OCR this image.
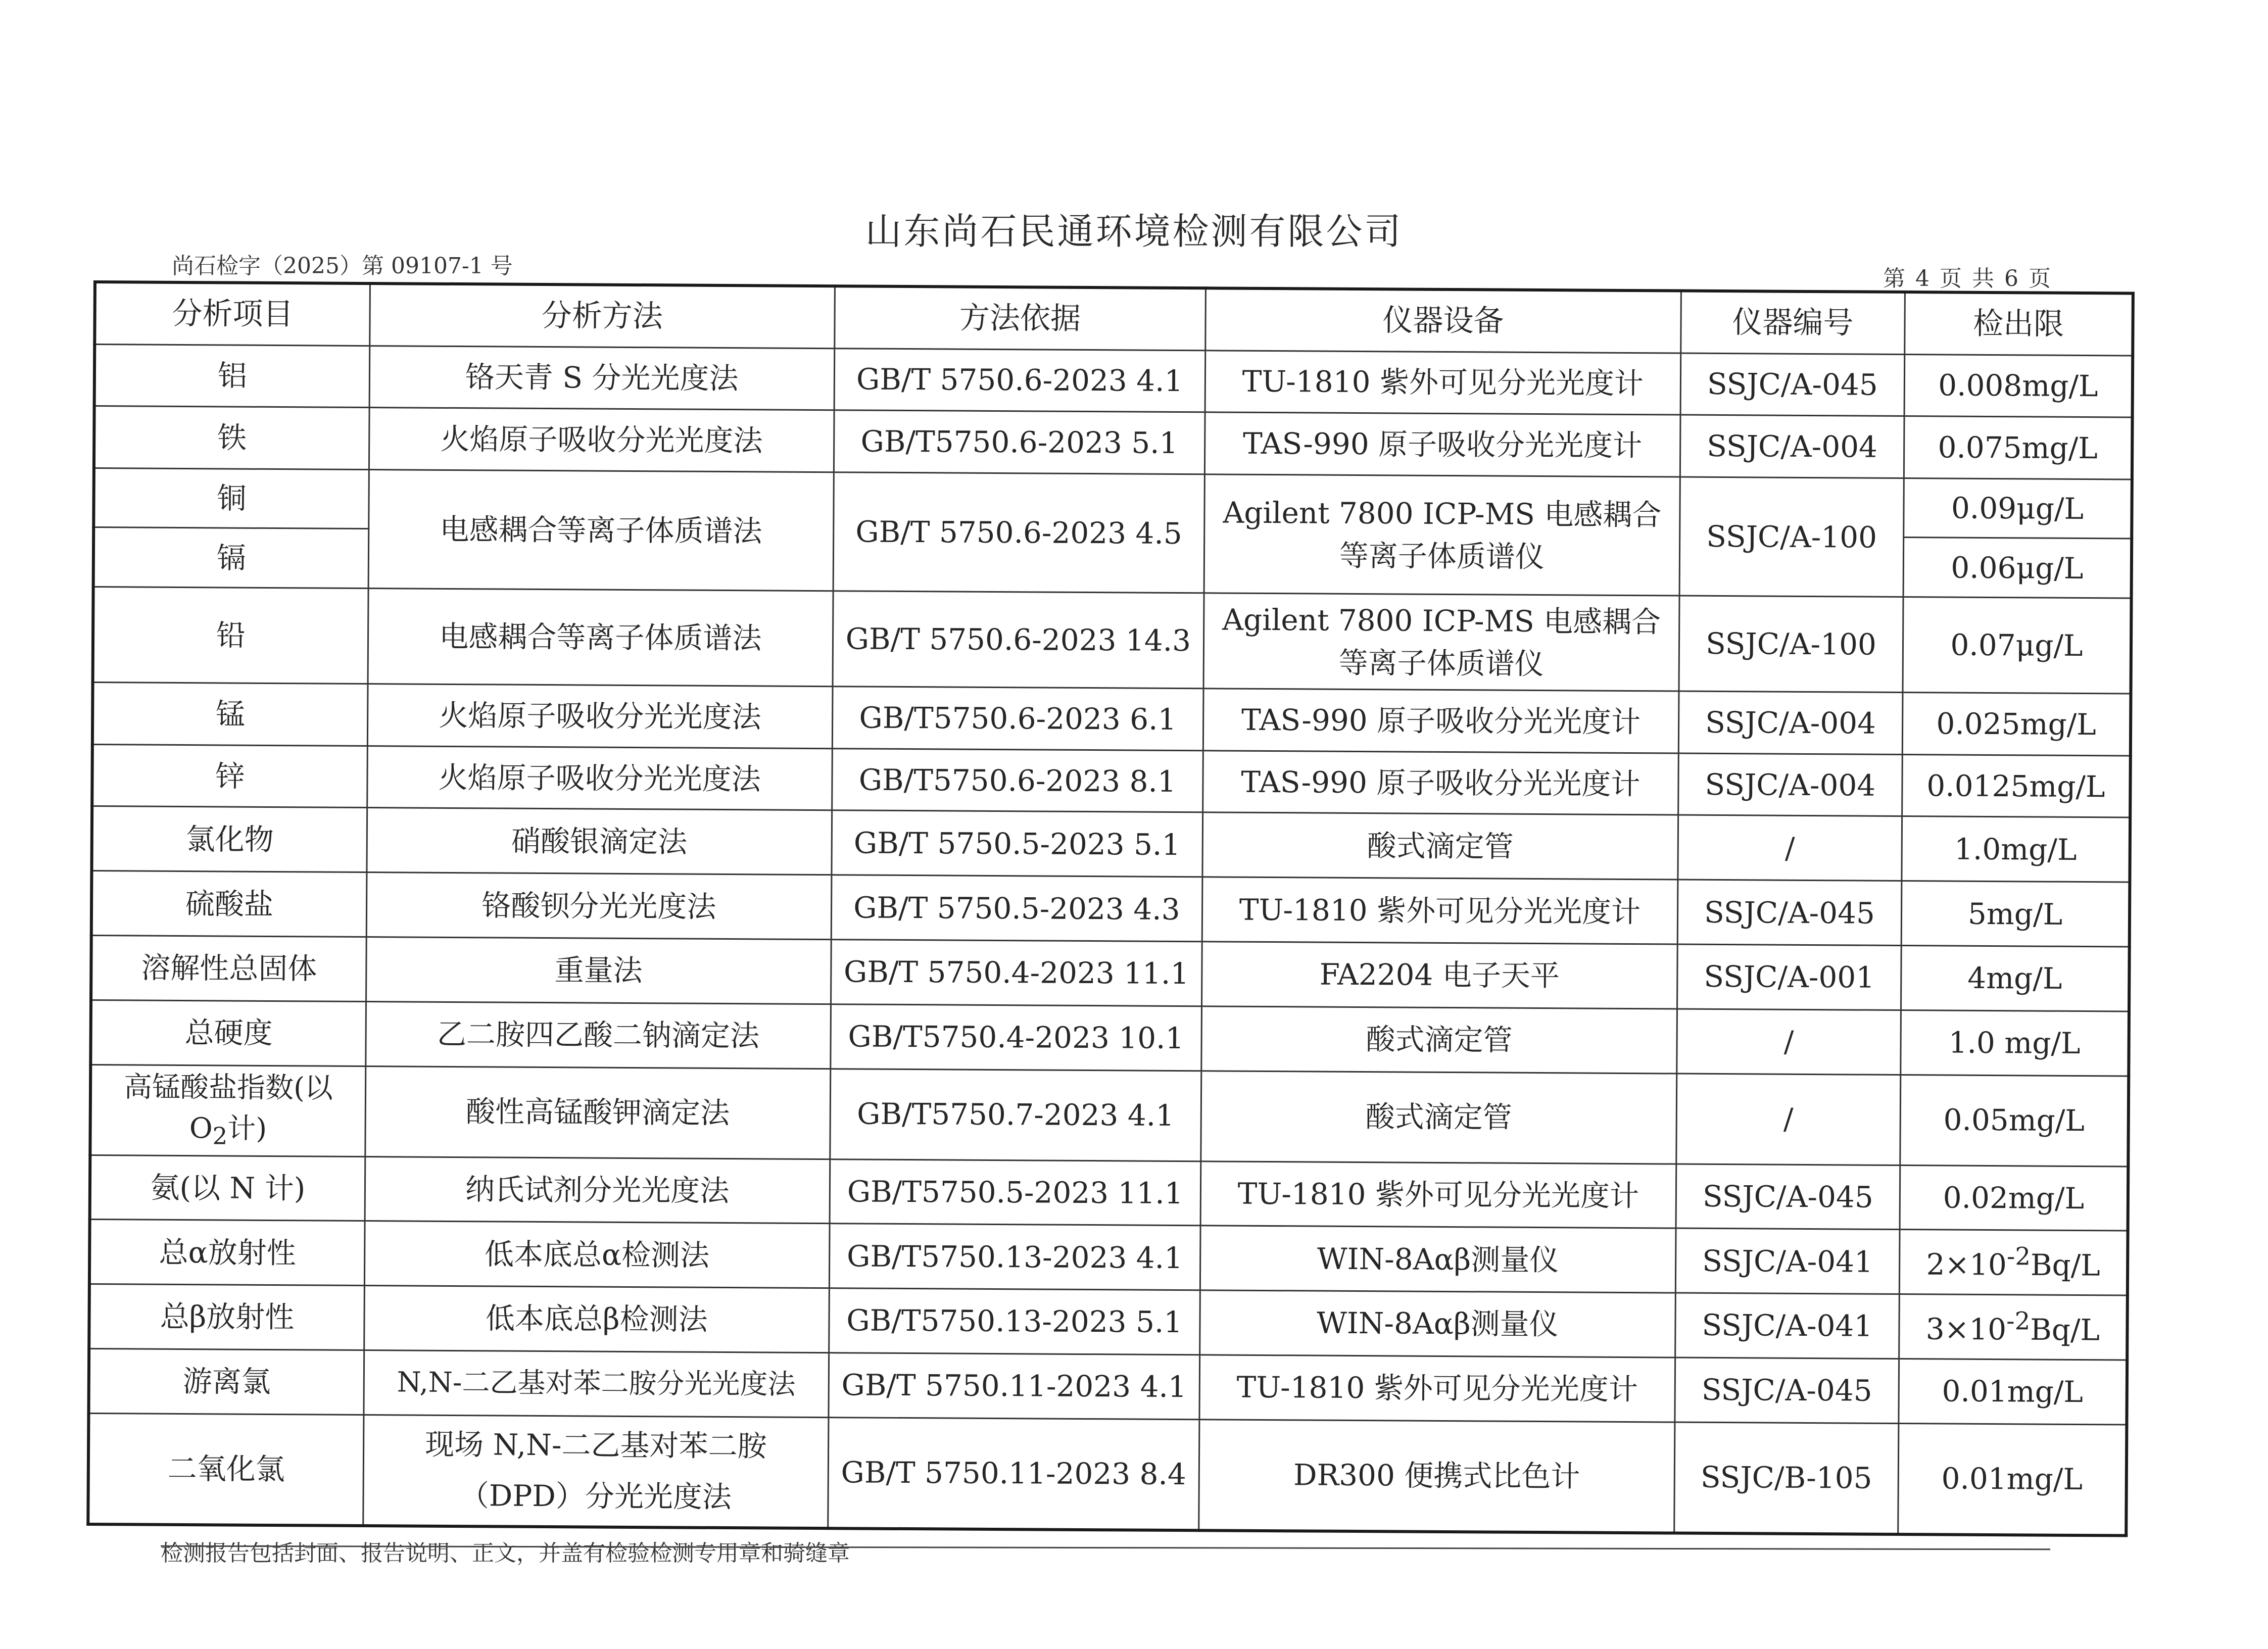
山东尚石民通环境检测有限公司
尚石检字（2025）第 09107-1 号	第 4 页 共 6 页
分析项目	分析方法	方法依据	仪器设备	仪器编号	检出限
铝	铬天青 S 分光光度法	GB/T 5750.6-2023 4.1	TU-1810 紫外可见分光光度计	SSJC/A-045	0.008mg/L
铁	火焰原子吸收分光光度法	GB/T5750.6-2023 5.1	TAS-990 原子吸收分光光度计	SSJC/A-004	0.075mg/L
铜	电感耦合等离子体质谱法	GB/T 5750.6-2023 4.5	Agilent 7800 ICP-MS 电感耦合
等离子体质谱仪	SSJC/A-100	0.09μg/L
镉					0.06μg/L
铅	电感耦合等离子体质谱法	GB/T 5750.6-2023 14.3	Agilent 7800 ICP-MS 电感耦合
等离子体质谱仪	SSJC/A-100	0.07μg/L
锰	火焰原子吸收分光光度法	GB/T5750.6-2023 6.1	TAS-990 原子吸收分光光度计	SSJC/A-004	0.025mg/L
锌	火焰原子吸收分光光度法	GB/T5750.6-2023 8.1	TAS-990 原子吸收分光光度计	SSJC/A-004	0.0125mg/L
氯化物	硝酸银滴定法	GB/T 5750.5-2023 5.1	酸式滴定管	/	1.0mg/L
硫酸盐	铬酸钡分光光度法	GB/T 5750.5-2023 4.3	TU-1810 紫外可见分光光度计	SSJC/A-045	5mg/L
溶解性总固体	重量法	GB/T 5750.4-2023 11.1	FA2204 电子天平	SSJC/A-001	4mg/L
总硬度	乙二胺四乙酸二钠滴定法	GB/T5750.4-2023 10.1	酸式滴定管	/	1.0 mg/L

高锰酸盐指数(以
$O_2$计)	酸性高锰酸钾滴定法	GB/T5750.7-2023 4.1	酸式滴定管	/	0.05mg/L
氨(以 N 计)	纳氏试剂分光光度法	GB/T5750.5-2023 11.1	TU-1810 紫外可见分光光度计	SSJC/A-045	0.02mg/L
总α放射性	低本底总α检测法	GB/T5750.13-2023 4.1	WIN-8Aαβ测量仪	SSJC/A-041	$2\times 10^{-2}Bq/L$
总β放射性	低本底总β检测法	GB/T5750.13-2023 5.1	WIN-8Aαβ测量仪	SSJC/A-041	$3\times 10^{-2}Bq/L$
游离氯	N,N-二乙基对苯二胺分光光度法	GB/T 5750.11-2023 4.1	TU-1810 紫外可见分光光度计	SSJC/A-045	0.01mg/L
二氧化氯	现场 N,N-二乙基对苯二胺
（DPD）分光光度法	GB/T 5750.11-2023 8.4	DR300 便携式比色计	SSJC/B-105	0.01mg/L
检测报告包括封面、报告说明、正文，并盖有检验检测专用章和骑缝章
